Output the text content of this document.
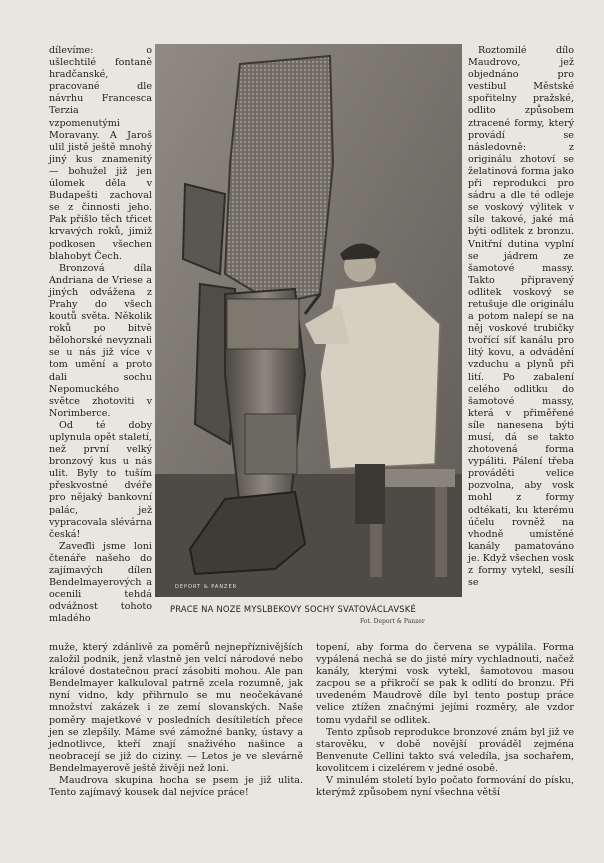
dílevíme: o ušlechtilé fontaně hradčanské, pracované dle návrhu Francesca Terzia vzpomenutými Moravany. A Jaroš ulil jistě ještě mnohý jiný kus znamenitý — bohužel již jen úlomek děla v Budapešti zachoval se z činnosti jeho. Pak přišlo těch třicet krvavých roků, jimiž podkosen všechen blahobyt Čech.

Bronzová díla Andriana de Vriese a jiných odvážena z Prahy do všech koutů světa. Několik roků po bitvě bělohorské nevyznali se u nás již více v tom umění a proto dali sochu Nepomuckého světce zhotoviti v Norimberce.

Od té doby uplynula opět staletí, než první velký bronzový kus u nás ulit. Byly to tuším přeskvostné dvéře pro nějaký bankovní palác, jež vypracovala slévárna česká!

Zaveďli jsme loni čtenáře našeho do zajímavých dílen Bendelmayerových a ocenili tehdá odvážnost tohoto mladého

Roztomilé dílo Maudrovo, jež objednáno pro vestibul Městské spořitelny pražské, odlito způsobem ztracené formy, který provádí se následovně: z originálu zhotoví se želatinová forma jako při reprodukci pro sádru a dle té odleje se voskový výlitek v síle takové, jaké má býti odlitek z bronzu. Vnitřní dutina vyplní se jádrem ze šamotové massy. Takto připravený odlitek voskový se retušuje dle originálu a potom nalepí se na něj voskové trubičky tvořící síť kanálu pro litý kovu, a odvádění vzduchu a plynů při lití. Po zabalení celého odlitku do šamotové massy, která v přiměřené síle nanesena býti musí, dá se takto zhotovená forma vypáliti. Pálení třeba prováděti velice pozvolna, aby vosk mohl z formy odtékati, ku kterému účelu rovněž na vhodně umístěné kanály pamatováno je. Když všechen vosk z formy vytekl, sesílí se

DEPORT & PANZER
PRACE NA NOZE MYSLBEKOVY SOCHY SVATOVÁCLAVSKÉ
Fot. Deport & Panzer

muže, který zdánlivě za poměrů nejnepříznivějších založil podnik, jenž vlastně jen velcí národové nebo králové dostatečnou prací zásobiti mohou. Ale pan Bendelmayer kalkuloval patrně zcela rozumně, jak nyní vidno, kdy přihrnulo se mu neočekávané množství zakázek i ze zemí slovanských. Naše poměry majetkové v posledních desítiletích přece jen se zlepšily. Máme své zámožné banky, ústavy a jednotlivce, kteří znají snaživého našince a neobracejí se již do ciziny. — Letos je ve slevárně Bendelmayerově ještě živěji než loni.

Maudrova skupina hocha se psem je již ulita. Tento zajímavý kousek dal nejvíce práce!

topení, aby forma do červena se vypálila. Forma vypálená nechá se do jisté míry vychladnouti, načež kanály, kterými vosk vytekl, šamotovou masou zacpou se a přikročí se pak k odlití do bronzu. Při uvedeném Maudrově díle byl tento postup práce velice ztížen značnými jejími rozměry, ale vzdor tomu vydařil se odlitek.

Tento způsob reprodukce bronzové znám byl již ve starověku, v době novější prováděl zejména Benvenute Cellini takto svá veledíla, jsa sochařem, kovolitcem i cizelérem v jedné osobě.

V minulém století bylo počato formování do písku, kterýmž způsobem nyní všechna větší
